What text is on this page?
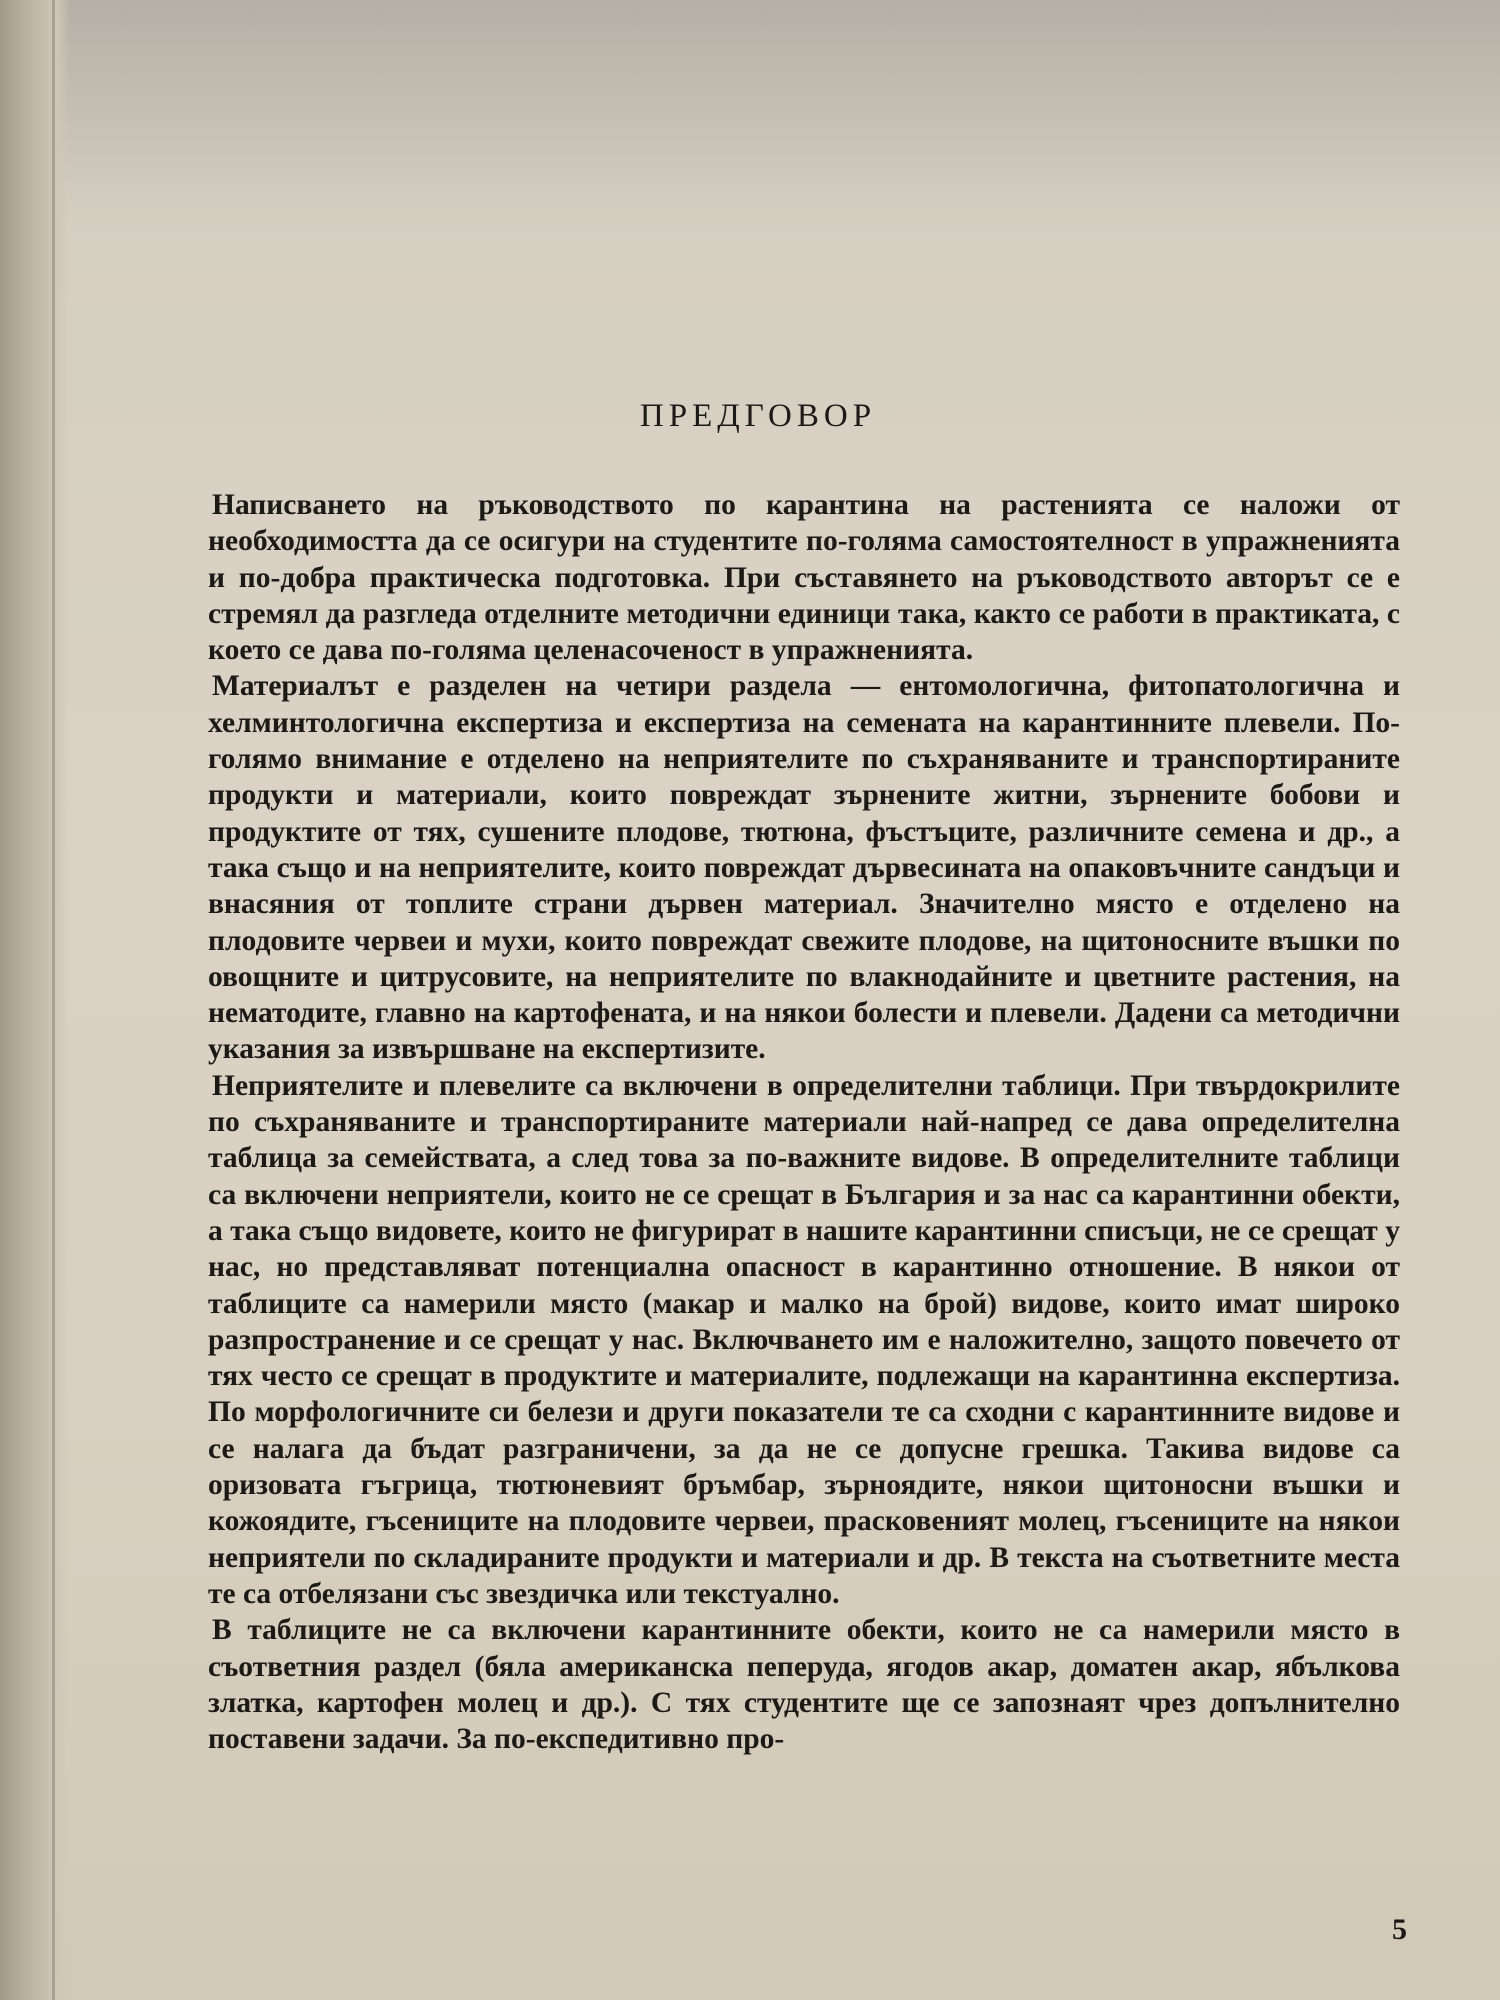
ПРЕДГОВОР

Написването на ръководството по карантина на растенията се наложи от необходимостта да се осигури на студентите по-голяма самостоятелност в упражненията и по-добра практическа подготовка. При съставянето на ръководството авторът се е стремял да разгледа отделните методични единици така, както се работи в практиката, с което се дава по-голяма целенасоченост в упражненията.

Материалът е разделен на четири раздела — ентомологична, фитопатологична и хелминтологична експертиза и експертиза на семената на карантинните плевели. По-голямо внимание е отделено на неприятелите по съхраняваните и транспортираните продукти и материали, които повреждат зърнените житни, зърнените бобови и продуктите от тях, сушените плодове, тютюна, фъстъците, различните семена и др., а така също и на неприятелите, които повреждат дървесината на опаковъчните сандъци и внасяния от топлите страни дървен материал. Значително място е отделено на плодовите червеи и мухи, които повреждат свежите плодове, на щитоносните въшки по овощните и цитрусовите, на неприятелите по влакнодайните и цветните растения, на нематодите, главно на картофената, и на някои болести и плевели. Дадени са методични указания за извършване на експертизите.

Неприятелите и плевелите са включени в определителни таблици. При твърдокрилите по съхраняваните и транспортираните материали най-напред се дава определителна таблица за семействата, а след това за по-важните видове. В определителните таблици са включени неприятели, които не се срещат в България и за нас са карантинни обекти, а така също видовете, които не фигурират в нашите карантинни списъци, не се срещат у нас, но представляват потенциална опасност в карантинно отношение. В някои от таблиците са намерили място (макар и малко на брой) видове, които имат широко разпространение и се срещат у нас. Включването им е наложително, защото повечето от тях често се срещат в продуктите и материалите, подлежащи на карантинна експертиза. По морфологичните си белези и други показатели те са сходни с карантинните видове и се налага да бъдат разграничени, за да не се допусне грешка. Такива видове са оризовата гъгрица, тютюневият бръмбар, зърноядите, някои щитоносни въшки и кожоядите, гъсениците на плодовите червеи, прасковеният молец, гъсениците на някои неприятели по складираните продукти и материали и др. В текста на съответните места те са отбелязани със звездичка или текстуално.

В таблиците не са включени карантинните обекти, които не са намерили място в съответния раздел (бяла американска пеперуда, ягодов акар, доматен акар, ябълкова златка, картофен молец и др.). С тях студентите ще се запознаят чрез допълнително поставени задачи. За по-експедитивно про-

5
